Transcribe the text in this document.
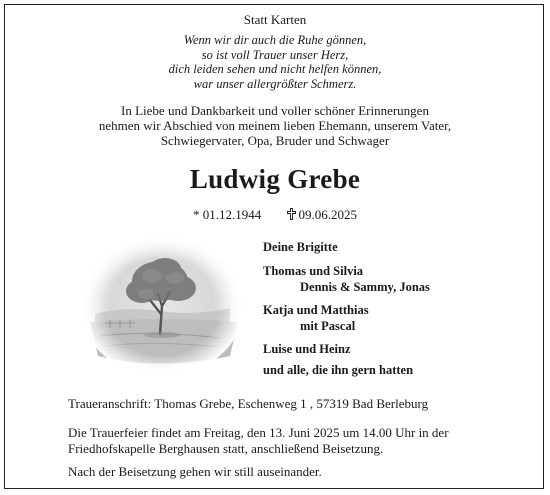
Statt Karten
Wenn wir dir auch die Ruhe gönnen,
so ist voll Trauer unser Herz,
dich leiden sehen und nicht helfen können,
war unser allergrößter Schmerz.
In Liebe und Dankbarkeit und voller schöner Erinnerungen
nehmen wir Abschied von meinem lieben Ehemann, unserem Vater,
Schwiegervater, Opa, Bruder und Schwager
Ludwig Grebe
* 01.12.1944	09.06.2025
Deine Brigitte
Thomas und Silvia
Dennis & Sammy, Jonas
Katja und Matthias
mit Pascal
Luise und Heinz
und alle, die ihn gern hatten
Traueranschrift: Thomas Grebe, Eschenweg 1 , 57319 Bad Berleburg
Die Trauerfeier findet am Freitag, den 13. Juni 2025 um 14.00 Uhr in der
Friedhofskapelle Berghausen statt, anschließend Beisetzung.
Nach der Beisetzung gehen wir still auseinander.
